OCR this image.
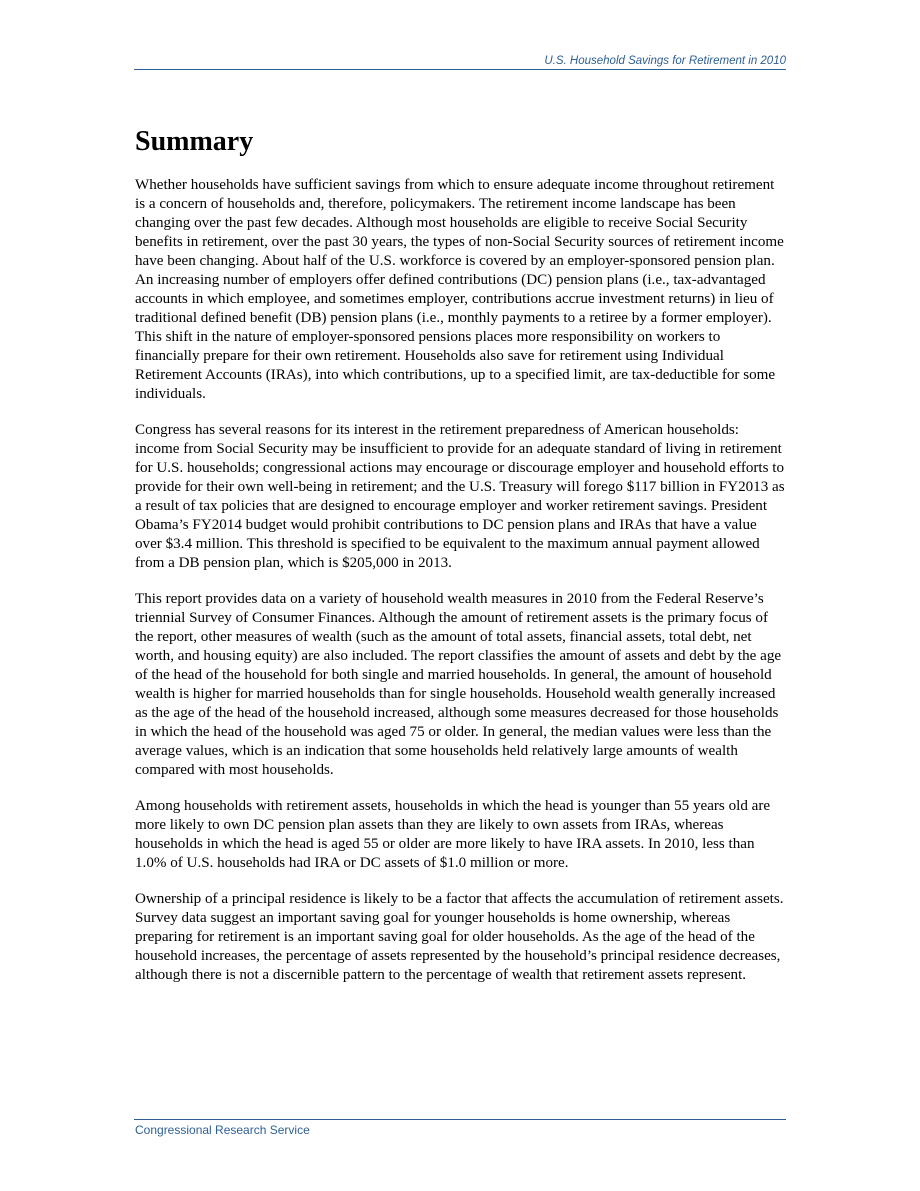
U.S. Household Savings for Retirement in 2010
Summary

Whether households have sufficient savings from which to ensure adequate income throughout retirement is a concern of households and, therefore, policymakers. The retirement income landscape has been changing over the past few decades. Although most households are eligible to receive Social Security benefits in retirement, over the past 30 years, the types of non-Social Security sources of retirement income have been changing. About half of the U.S. workforce is covered by an employer-sponsored pension plan. An increasing number of employers offer defined contributions (DC) pension plans (i.e., tax-advantaged accounts in which employee, and sometimes employer, contributions accrue investment returns) in lieu of traditional defined benefit (DB) pension plans (i.e., monthly payments to a retiree by a former employer). This shift in the nature of employer-sponsored pensions places more responsibility on workers to financially prepare for their own retirement. Households also save for retirement using Individual Retirement Accounts (IRAs), into which contributions, up to a specified limit, are tax-deductible for some individuals.

Congress has several reasons for its interest in the retirement preparedness of American households: income from Social Security may be insufficient to provide for an adequate standard of living in retirement for U.S. households; congressional actions may encourage or discourage employer and household efforts to provide for their own well-being in retirement; and the U.S. Treasury will forego $117 billion in FY2013 as a result of tax policies that are designed to encourage employer and worker retirement savings. President Obama’s FY2014 budget would prohibit contributions to DC pension plans and IRAs that have a value over $3.4 million. This threshold is specified to be equivalent to the maximum annual payment allowed from a DB pension plan, which is $205,000 in 2013.

This report provides data on a variety of household wealth measures in 2010 from the Federal Reserve’s triennial Survey of Consumer Finances. Although the amount of retirement assets is the primary focus of the report, other measures of wealth (such as the amount of total assets, financial assets, total debt, net worth, and housing equity) are also included. The report classifies the amount of assets and debt by the age of the head of the household for both single and married households. In general, the amount of household wealth is higher for married households than for single households. Household wealth generally increased as the age of the head of the household increased, although some measures decreased for those households in which the head of the household was aged 75 or older. In general, the median values were less than the average values, which is an indication that some households held relatively large amounts of wealth compared with most households.

Among households with retirement assets, households in which the head is younger than 55 years old are more likely to own DC pension plan assets than they are likely to own assets from IRAs, whereas households in which the head is aged 55 or older are more likely to have IRA assets. In 2010, less than 1.0% of U.S. households had IRA or DC assets of $1.0 million or more.

Ownership of a principal residence is likely to be a factor that affects the accumulation of retirement assets. Survey data suggest an important saving goal for younger households is home ownership, whereas preparing for retirement is an important saving goal for older households. As the age of the head of the household increases, the percentage of assets represented by the household’s principal residence decreases, although there is not a discernible pattern to the percentage of wealth that retirement assets represent.

Congressional Research Service
